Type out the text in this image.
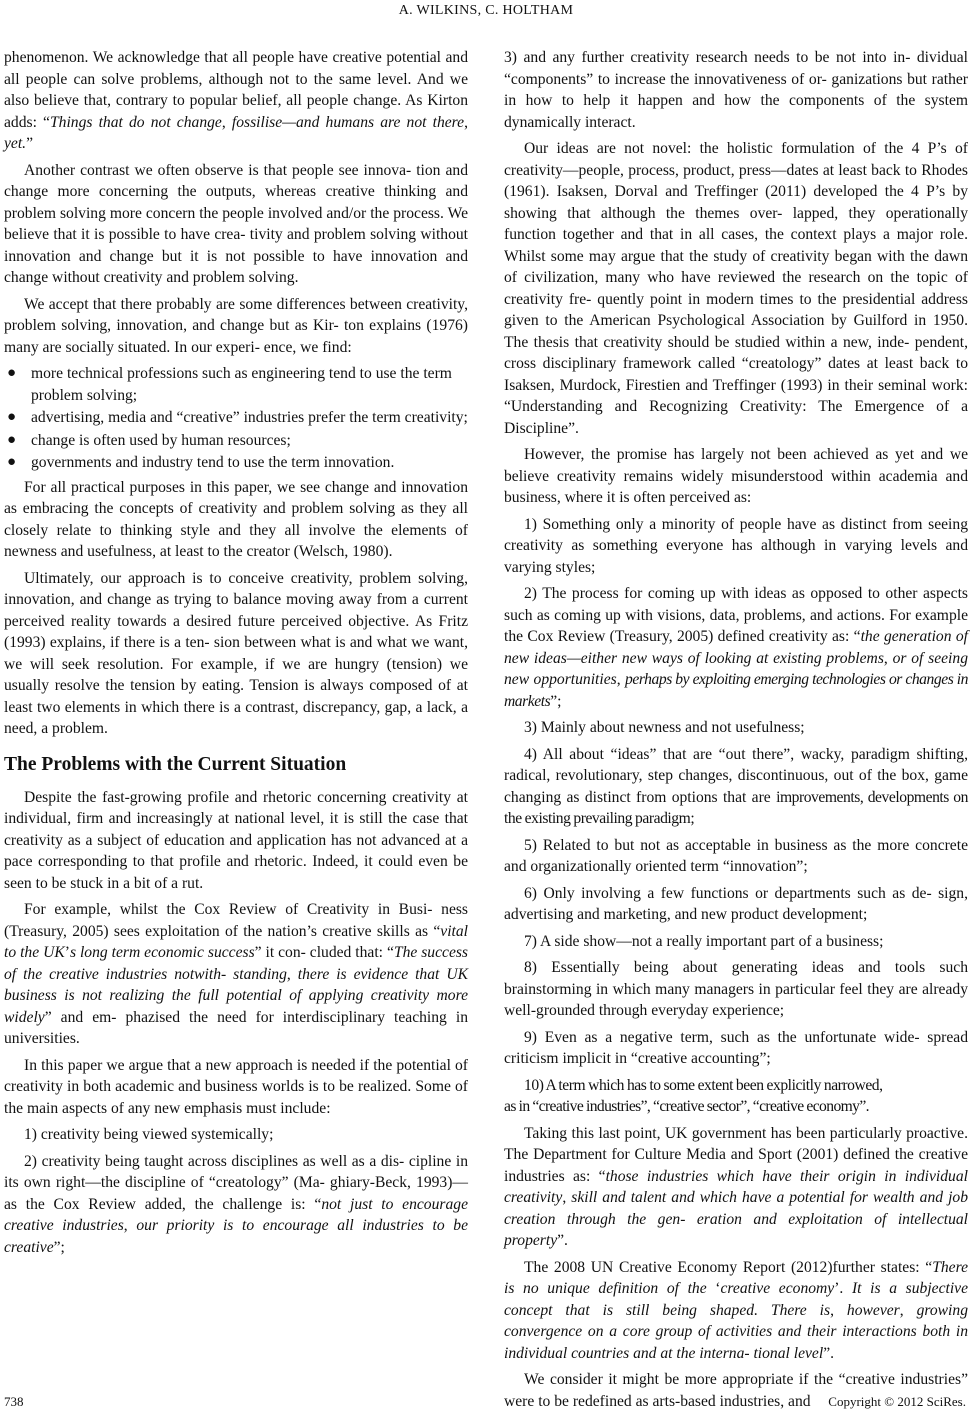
A. WILKINS, C. HOLTHAM

phenomenon. We acknowledge that all people have creative potential and all people can solve problems, although not to the same level. And we also believe that, contrary to popular belief, all people change. As Kirton adds: “Things that do not change, fossilise—and humans are not there, yet.”

Another contrast we often observe is that people see innova- tion and change more concerning the outputs, whereas creative thinking and problem solving more concern the people involved and/or the process. We believe that it is possible to have crea- tivity and problem solving without innovation and change but it is not possible to have innovation and change without creativity and problem solving.

We accept that there probably are some differences between creativity, problem solving, innovation, and change but as Kir- ton explains (1976) many are socially situated. In our experi- ence, we find:

● more technical professions such as engineering tend to use the term problem solving;
● advertising, media and “creative” industries prefer the term creativity;
● change is often used by human resources;
● governments and industry tend to use the term innovation.

For all practical purposes in this paper, we see change and innovation as embracing the concepts of creativity and problem solving as they all closely relate to thinking style and they all involve the elements of newness and usefulness, at least to the creator (Welsch, 1980).

Ultimately, our approach is to conceive creativity, problem solving, innovation, and change as trying to balance moving away from a current perceived reality towards a desired future perceived objective. As Fritz (1993) explains, if there is a ten- sion between what is and what we want, we will seek resolution. For example, if we are hungry (tension) we usually resolve the tension by eating. Tension is always composed of at least two elements in which there is a contrast, discrepancy, gap, a lack, a need, a problem.

The Problems with the Current Situation

Despite the fast-growing profile and rhetoric concerning creativity at individual, firm and increasingly at national level, it is still the case that creativity as a subject of education and application has not advanced at a pace corresponding to that profile and rhetoric. Indeed, it could even be seen to be stuck in a bit of a rut.

For example, whilst the Cox Review of Creativity in Busi- ness (Treasury, 2005) sees exploitation of the nation’s creative skills as “vital to the UK’s long term economic success” it con- cluded that: “The success of the creative industries notwith- standing, there is evidence that UK business is not realizing the full potential of applying creativity more widely” and em- phazised the need for interdisciplinary teaching in universities.

In this paper we argue that a new approach is needed if the potential of creativity in both academic and business worlds is to be realized. Some of the main aspects of any new emphasis must include:

1) creativity being viewed systemically;

2) creativity being taught across disciplines as well as a dis- cipline in its own right—the discipline of “creatology” (Ma- ghiary-Beck, 1993)—as the Cox Review added, the challenge is: “not just to encourage creative industries, our priority is to encourage all industries to be creative”;

3) and any further creativity research needs to be not into in- dividual “components” to increase the innovativeness of or- ganizations but rather in how to help it happen and how the components of the system dynamically interact.

Our ideas are not novel: the holistic formulation of the 4 P’s of creativity—people, process, product, press—dates at least back to Rhodes (1961). Isaksen, Dorval and Treffinger (2011) developed the 4 P’s by showing that although the themes over- lapped, they operationally function together and that in all cases, the context plays a major role. Whilst some may argue that the study of creativity began with the dawn of civilization, many who have reviewed the research on the topic of creativity fre- quently point in modern times to the presidential address given to the American Psychological Association by Guilford in 1950. The thesis that creativity should be studied within a new, inde- pendent, cross disciplinary framework called “creatology” dates at least back to Isaksen, Murdock, Firestien and Treffinger (1993) in their seminal work: “Understanding and Recognizing Creativity: The Emergence of a Discipline”.

However, the promise has largely not been achieved as yet and we believe creativity remains widely misunderstood within academia and business, where it is often perceived as:

1) Something only a minority of people have as distinct from seeing creativity as something everyone has although in varying levels and varying styles;

2) The process for coming up with ideas as opposed to other aspects such as coming up with visions, data, problems, and actions. For example the Cox Review (Treasury, 2005) defined creativity as: “the generation of new ideas—either new ways of looking at existing problems, or of seeing new opportunities, perhaps by exploiting emerging technologies or changes in markets”;

3) Mainly about newness and not usefulness;

4) All about “ideas” that are “out there”, wacky, paradigm shifting, radical, revolutionary, step changes, discontinuous, out of the box, game changing as distinct from options that are improvements, developments on the existing prevailing paradigm;

5) Related to but not as acceptable in business as the more concrete and organizationally oriented term “innovation”;

6) Only involving a few functions or departments such as de- sign, advertising and marketing, and new product development;

7) A side show—not a really important part of a business;

8) Essentially being about generating ideas and tools such brainstorming in which many managers in particular feel they are already well-grounded through everyday experience;

9) Even as a negative term, such as the unfortunate wide- spread criticism implicit in “creative accounting”;

10) A term which has to some extent been explicitly narrowed,
as in “creative industries”, “creative sector”, “creative economy”.

Taking this last point, UK government has been particularly proactive. The Department for Culture Media and Sport (2001) defined the creative industries as: “those industries which have their origin in individual creativity, skill and talent and which have a potential for wealth and job creation through the gen- eration and exploitation of intellectual property”.

The 2008 UN Creative Economy Report (2012)further states: “There is no unique definition of the ‘creative economy’. It is a subjective concept that is still being shaped. There is, however, growing convergence on a core group of activities and their interactions both in individual countries and at the interna- tional level”.

We consider it might be more appropriate if the “creative industries” were to be redefined as arts-based industries, and

738	Copyright © 2012 SciRes.
